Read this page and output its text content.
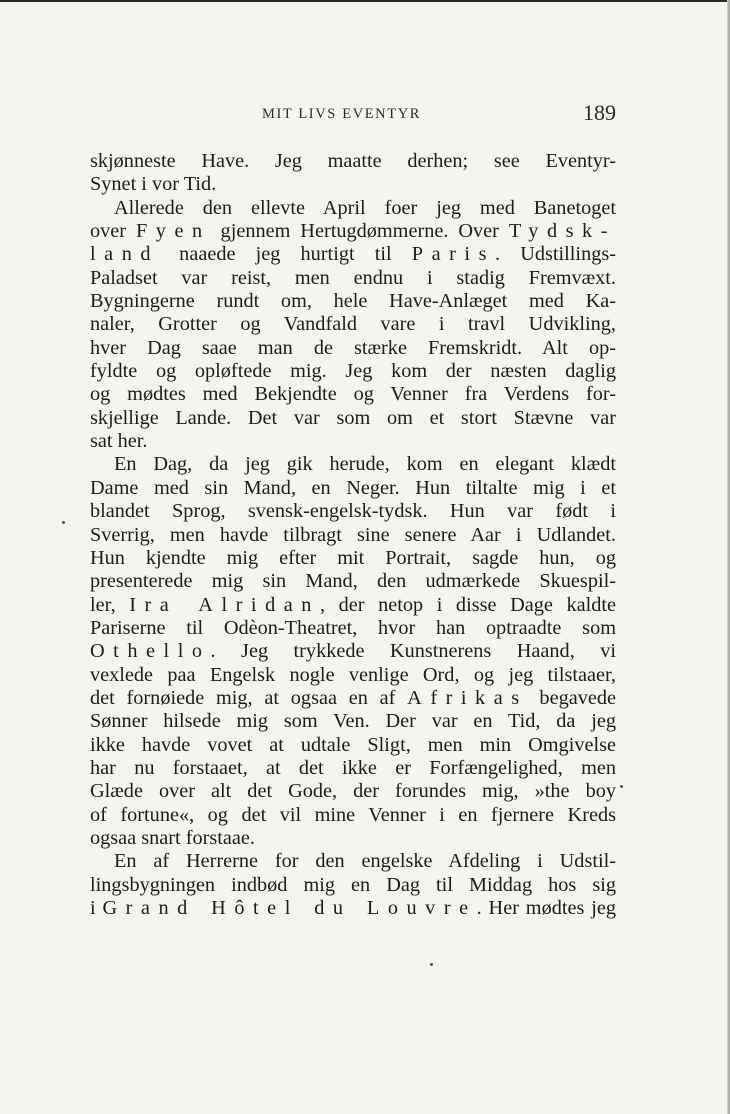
MIT LIVS EVENTYR	189
skjønneste Have. Jeg maatte derhen; see Eventyr-
Synet i vor Tid.
Allerede den ellevte April foer jeg med Banetoget
over Fyen gjennem Hertugdømmerne. Over Tydsk-
land naaede jeg hurtigt til Paris. Udstillings-
Paladset var reist, men endnu i stadig Fremvæxt.
Bygningerne rundt om, hele Have-Anlæget med Ka-
naler, Grotter og Vandfald vare i travl Udvikling,
hver Dag saae man de stærke Fremskridt. Alt op-
fyldte og opløftede mig. Jeg kom der næsten daglig
og mødtes med Bekjendte og Venner fra Verdens for-
skjellige Lande. Det var som om et stort Stævne var
sat her.
En Dag, da jeg gik herude, kom en elegant klædt
Dame med sin Mand, en Neger. Hun tiltalte mig i et
blandet Sprog, svensk-engelsk-tydsk. Hun var født i
Sverrig, men havde tilbragt sine senere Aar i Udlandet.
Hun kjendte mig efter mit Portrait, sagde hun, og
presenterede mig sin Mand, den udmærkede Skuespil-
ler, Ira Alridan, der netop i disse Dage kaldte
Pariserne til Odèon-Theatret, hvor han optraadte som
Othello. Jeg trykkede Kunstnerens Haand, vi
vexlede paa Engelsk nogle venlige Ord, og jeg tilstaaer,
det fornøiede mig, at ogsaa en af Afrikas begavede
Sønner hilsede mig som Ven. Der var en Tid, da jeg
ikke havde vovet at udtale Sligt, men min Omgivelse
har nu forstaaet, at det ikke er Forfængelighed, men
Glæde over alt det Gode, der forundes mig, »the boy
of fortune«, og det vil mine Venner i en fjernere Kreds
ogsaa snart forstaae.
En af Herrerne for den engelske Afdeling i Udstil-
lingsbygningen indbød mig en Dag til Middag hos sig
i Grand Hôtel du Louvre. Her mødtes jeg
